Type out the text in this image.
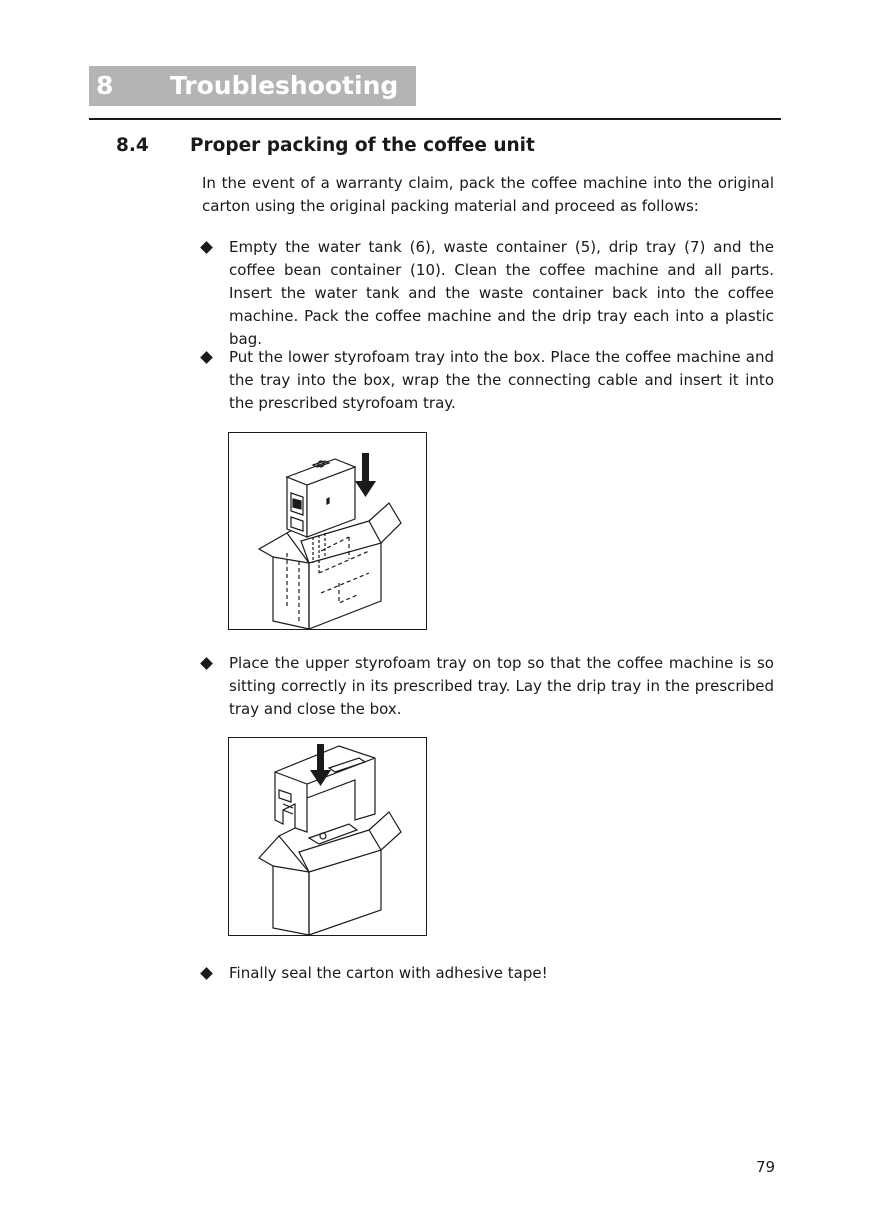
8 Troubleshooting
8.4 Proper packing of the coffee unit

In the event of a warranty claim, pack the coffee machine into the original carton using the original packing material and proceed as follows:

Empty the water tank (6), waste container (5), drip tray (7) and the coffee bean container (10). Clean the coffee machine and all parts. Insert the water tank and the waste container back into the coffee machine. Pack the coffee machine and the drip tray each into a plastic bag.
Put the lower styrofoam tray into the box. Place the coffee machine and the tray into the box, wrap the the connecting cable and insert it into the prescribed styrofoam tray.
Place the upper styrofoam tray on top so that the coffee machine is so sitting correctly in its prescribed tray. Lay the drip tray in the prescribed tray and close the box.
Finally seal the carton with adhesive tape!
79
